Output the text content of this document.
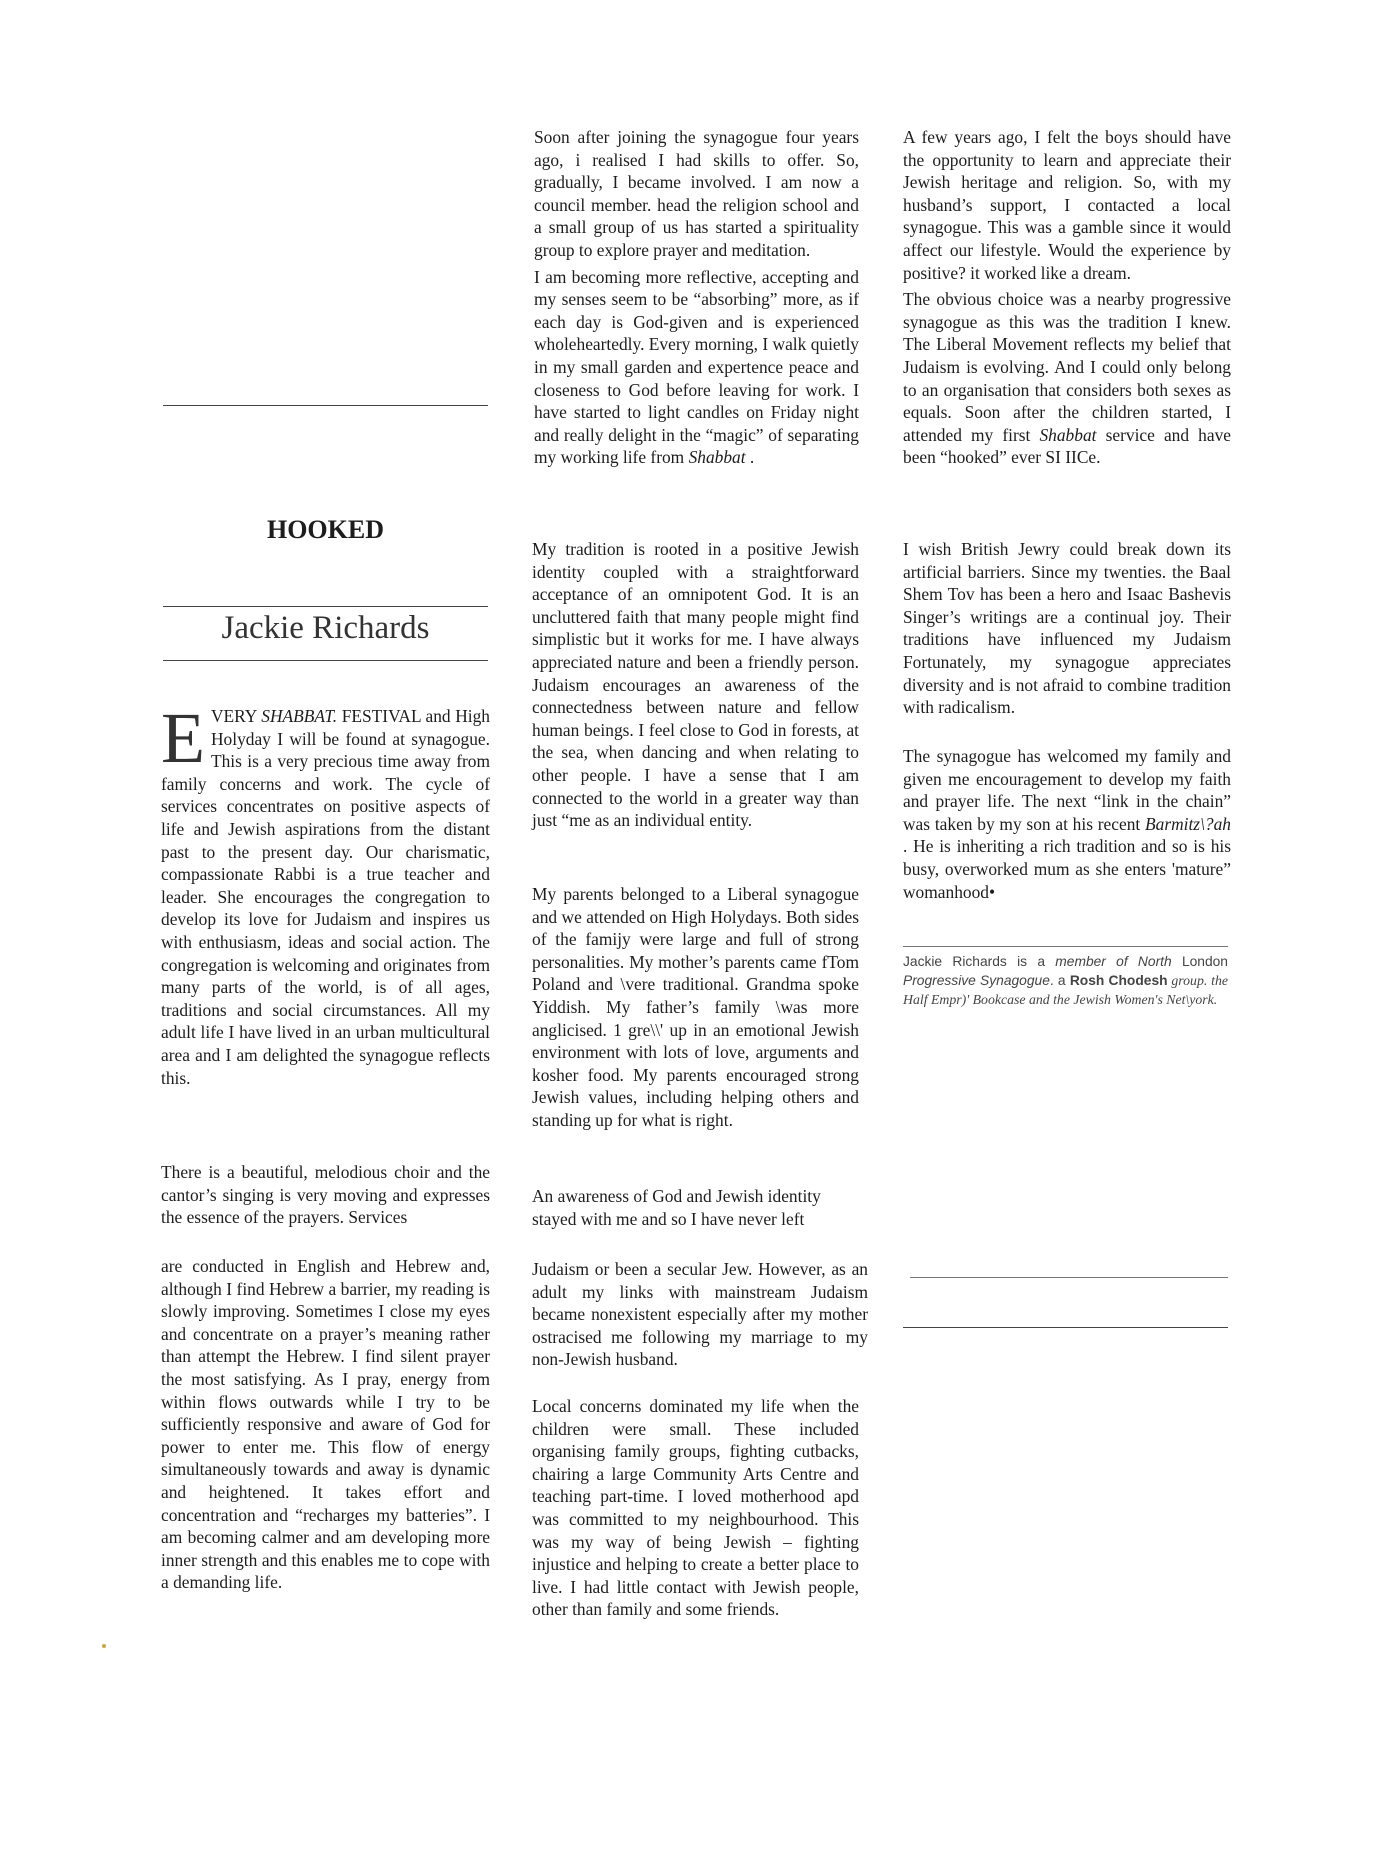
HOOKED
Jackie Richards

EVERY SHABBAT. FESTIVAL and High Holyday I will be found at synagogue. This is a very precious time away from family concerns and work. The cycle of services concentrates on positive aspects of life and Jewish aspirations from the distant past to the present day. Our charismatic, compassionate Rabbi is a true teacher and leader. She encourages the congregation to develop its love for Judaism and inspires us with enthusiasm, ideas and social action. The congregation is welcoming and originates from many parts of the world, is of all ages, traditions and social circumstances. All my adult life I have lived in an urban multicultural area and I am delighted the synagogue reflects this.

There is a beautiful, melodious choir and the cantor’s singing is very moving and expresses the essence of the prayers. Services

are conducted in English and Hebrew and, although I find Hebrew a barrier, my reading is slowly improving. Sometimes I close my eyes and concentrate on a prayer’s meaning rather than attempt the Hebrew. I find silent prayer the most satisfying. As I pray, energy from within flows outwards while I try to be sufficiently responsive and aware of God for power to enter me. This flow of energy simultaneously towards and away is dynamic and heightened. It takes effort and concentration and “recharges my batteries”. I am becoming calmer and am developing more inner strength and this enables me to cope with a demanding life.

Soon after joining the synagogue four years ago, i realised I had skills to offer. So, gradually, I became involved. I am now a council member. head the religion school and a small group of us has started a spirituality group to explore prayer and meditation.

I am becoming more reflective, accepting and my senses seem to be “absorbing” more, as if each day is God-given and is experienced wholeheartedly. Every morning, I walk quietly in my small garden and expertence peace and closeness to God before leaving for work. I have started to light candles on Friday night and really delight in the “magic” of separating my working life from Shabbat .

My tradition is rooted in a positive Jewish identity coupled with a straightforward acceptance of an omnipotent God. It is an uncluttered faith that many people might find simplistic but it works for me. I have always appreciated nature and been a friendly person. Judaism encourages an awareness of the connectedness between nature and fellow human beings. I feel close to God in forests, at the sea, when dancing and when relating to other people. I have a sense that I am connected to the world in a greater way than just “me as an individual entity.

My parents belonged to a Liberal synagogue and we attended on High Holydays. Both sides of the famijy were large and full of strong personalities. My mother’s parents came fTom Poland and \vere traditional. Grandma spoke Yiddish. My father’s family \was more anglicised. 1 gre\\' up in an emotional Jewish environment with lots of love, arguments and kosher food. My parents encouraged strong Jewish values, including helping others and standing up for what is right.

An awareness of God and Jewish identity stayed with me and so I have never left

Judaism or been a secular Jew. However, as an adult my links with mainstream Judaism became nonexistent especially after my mother ostracised me following my marriage to my non-Jewish husband.

Local concerns dominated my life when the children were small. These included organising family groups, fighting cutbacks, chairing a large Community Arts Centre and teaching part-time. I loved motherhood apd was committed to my neighbourhood. This was my way of being Jewish – fighting injustice and helping to create a better place to live. I had little contact with Jewish people, other than family and some friends.

A few years ago, I felt the boys should have the opportunity to learn and appreciate their Jewish heritage and religion. So, with my husband’s support, I contacted a local synagogue. This was a gamble since it would affect our lifestyle. Would the experience by positive? it worked like a dream.

The obvious choice was a nearby progressive synagogue as this was the tradition I knew. The Liberal Movement reflects my belief that Judaism is evolving. And I could only belong to an organisation that considers both sexes as equals. Soon after the children started, I attended my first Shabbat service and have been “hooked” ever SI IICe.

I wish British Jewry could break down its artificial barriers. Since my twenties. the Baal Shem Tov has been a hero and Isaac Bashevis Singer’s writings are a continual joy. Their traditions have influenced my Judaism Fortunately, my synagogue appreciates diversity and is not afraid to combine tradition with radicalism.

The synagogue has welcomed my family and given me encouragement to develop my faith and prayer life. The next “link in the chain” was taken by my son at his recent Barmitz\?ah . He is inheriting a rich tradition and so is his busy, overworked mum as she enters 'mature” womanhood•

Jackie Richards is a member of North London Progressive Synagogue. a Rosh Chodesh group. the Half Empr)' Bookcase and the Jewish Women's Net\york.
